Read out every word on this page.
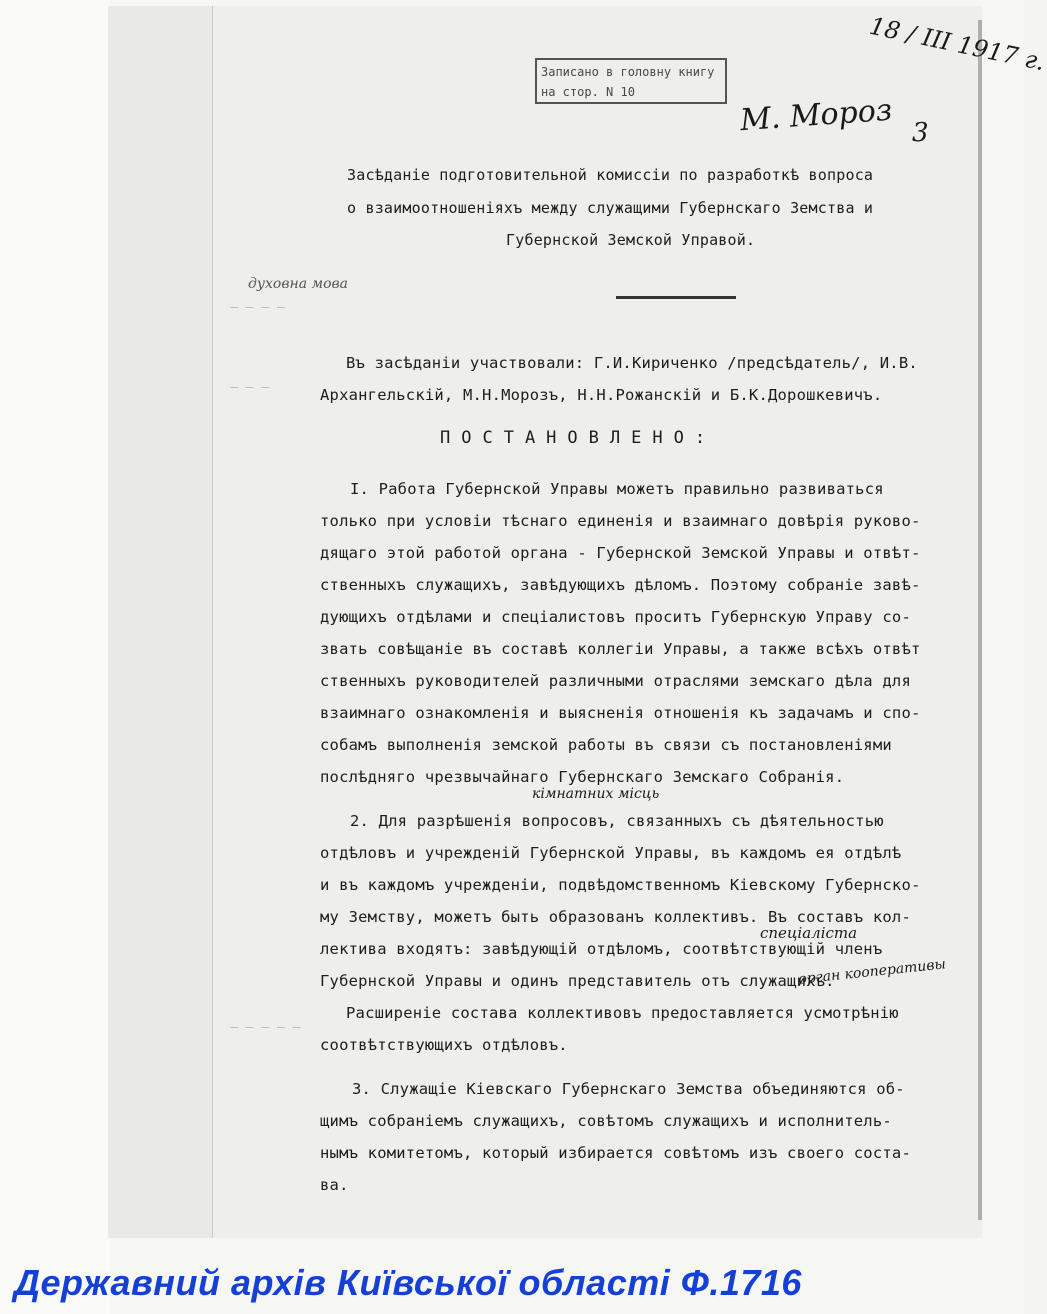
— — — —
— — —
— — — — —
Записано в головну книгу
на стор. N 10
18 / III 1917 г.
М. Мороз 3
духовна мова
кімнатних місць
спеціаліста
орган кооперативы

Засѣданіе подготовительной комиссіи по разработкѣ вопроса

о взаимоотношеніяхъ между служащими Губернскаго Земства и

Губернской Земской Управой.

Въ засѣданіи участвовали: Г.И.Кириченко /предсѣдатель/, И.В.

Архангельскій, М.Н.Морозъ, Н.Н.Рожанскій и Б.К.Дорошкевичъ.

ПОСТАНОВЛЕНО:

I. Работа Губернской Управы можетъ правильно развиваться

только при условіи тѣснаго единенія и взаимнаго довѣрія руково-

дящаго этой работой органа - Губернской Земской Управы и отвѣт-

ственныхъ служащихъ, завѣдующихъ дѣломъ. Поэтому собраніе завѣ-

дующихъ отдѣлами и спеціалистовъ проситъ Губернскую Управу со-

звать совѣщаніе въ составѣ коллегіи Управы, а также всѣхъ отвѣт

ственныхъ руководителей различными отраслями земскаго дѣла для

взаимнаго ознакомленія и выясненія отношенія къ задачамъ и спо-

собамъ выполненія земской работы въ связи съ постановленіями

послѣдняго чрезвычайнаго Губернскаго Земскаго Собранія.

2. Для разрѣшенія вопросовъ, связанныхъ съ дѣятельностью

отдѣловъ и учрежденій Губернской Управы, въ каждомъ ея отдѣлѣ

и въ каждомъ учрежденіи, подвѣдомственномъ Кіевскому Губернско-

му Земству, можетъ быть образованъ коллективъ. Въ составъ кол-

лектива входятъ: завѣдующій отдѣломъ, соотвѣтствующій членъ

Губернской Управы и одинъ представитель отъ служащихъ.

Расширеніе состава коллективовъ предоставляется усмотрѣнію

соотвѣтствующихъ отдѣловъ.

3. Служащіе Кіевскаго Губернскаго Земства объединяются об-

щимъ собраніемъ служащихъ, совѣтомъ служащихъ и исполнитель-

нымъ комитетомъ, который избирается совѣтомъ изъ своего соста-

ва.

Державний архів Київської області Ф.1716
